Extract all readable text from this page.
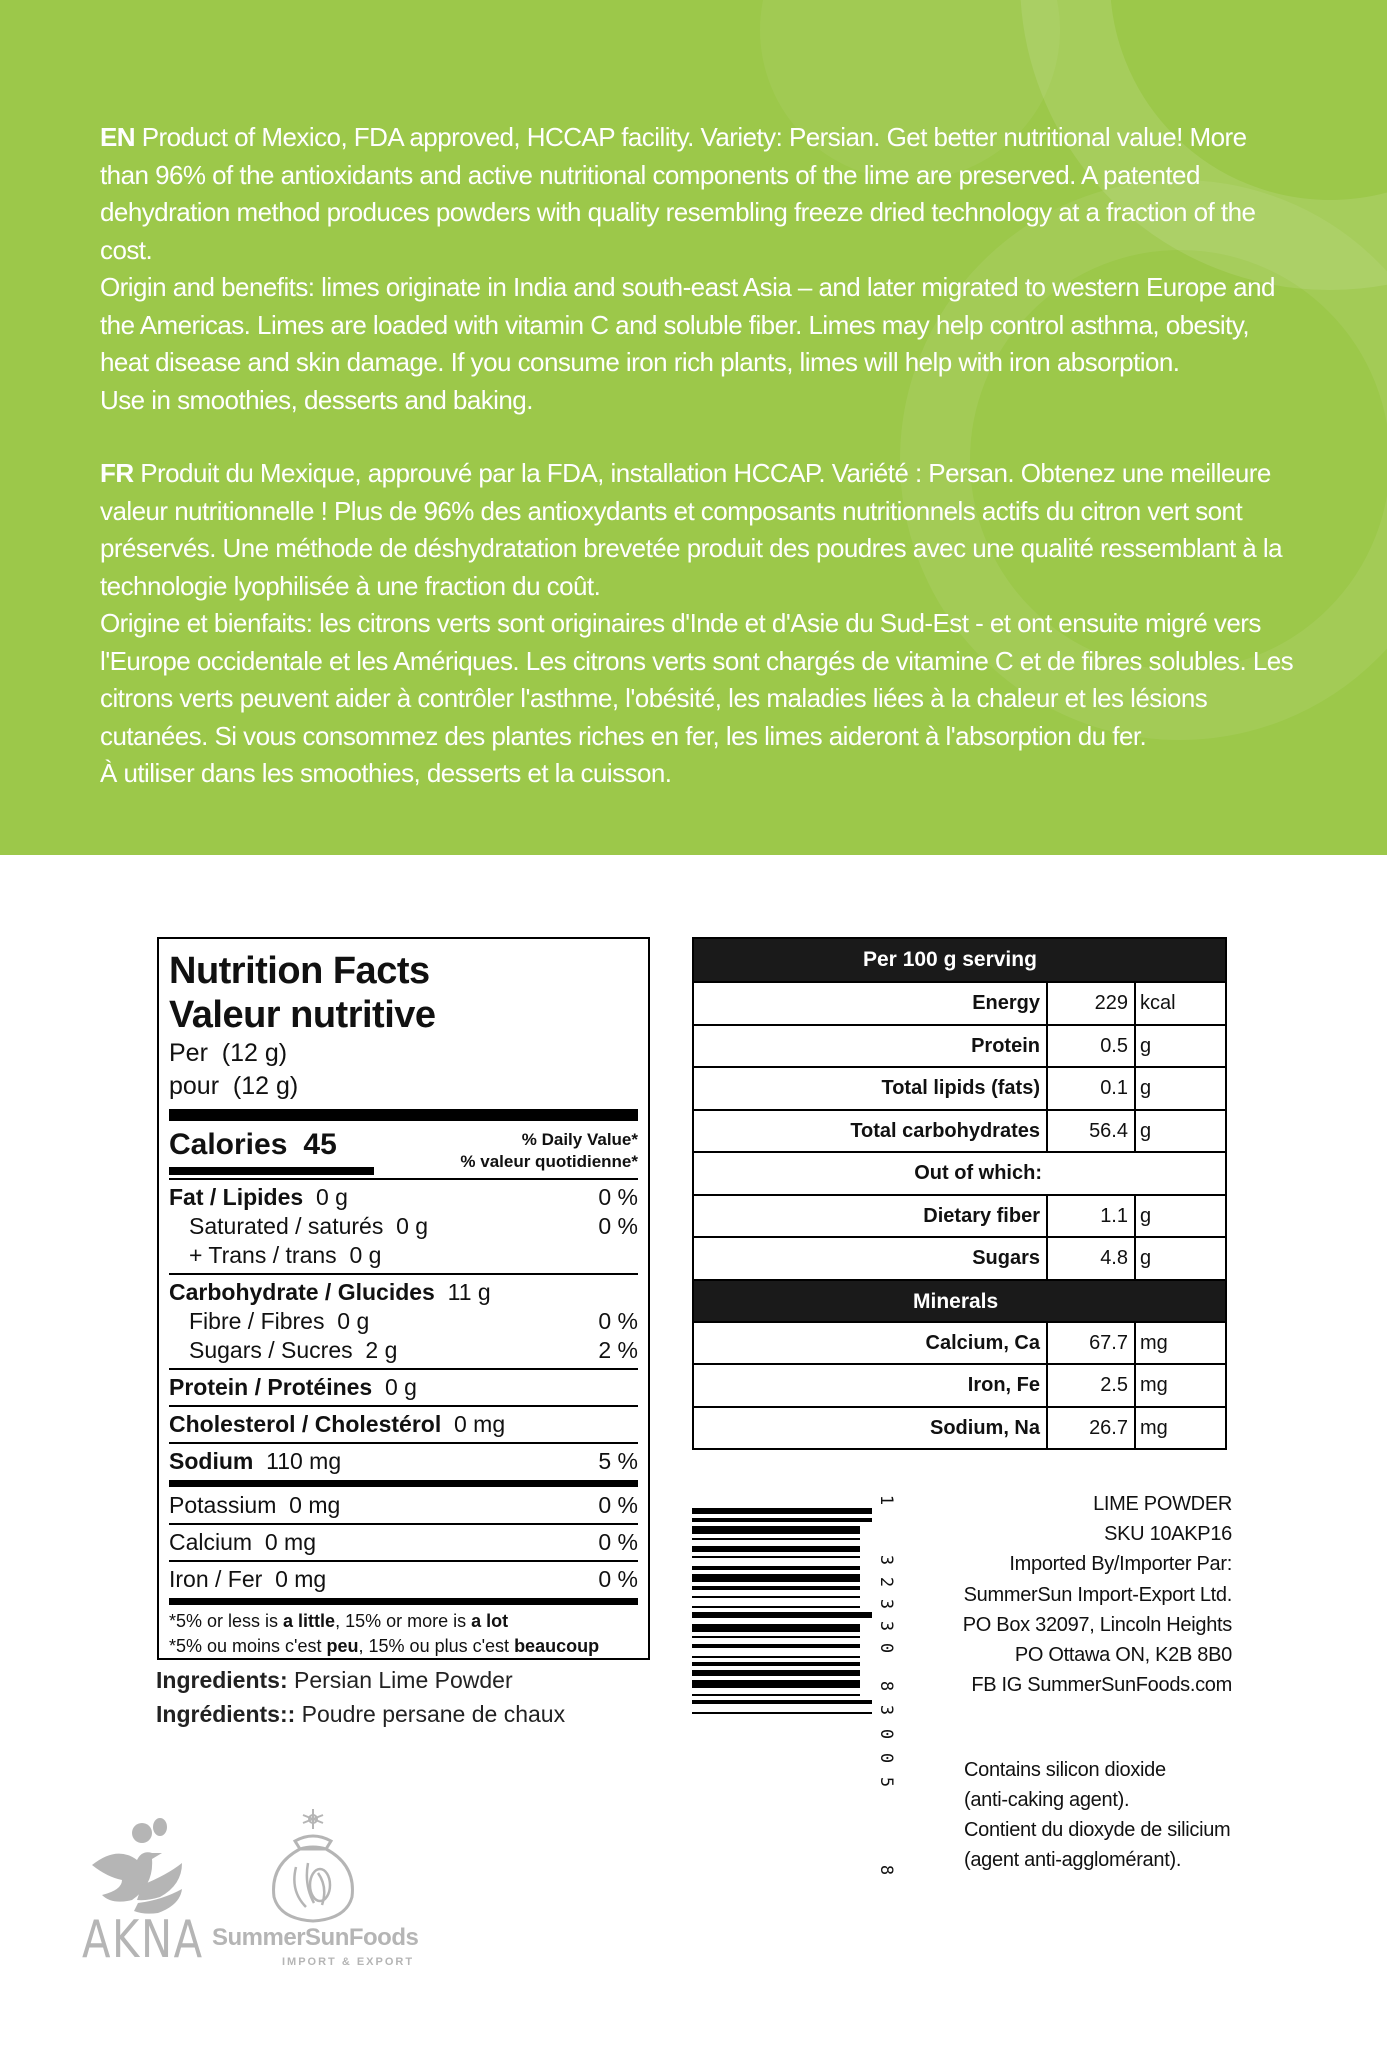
EN Product of Mexico, FDA approved, HCCAP facility. Variety: Persian. Get better nutritional value! More than 96% of the antioxidants and active nutritional components of the lime are preserved. A patented dehydration method produces powders with quality resembling freeze dried technology at a fraction of the cost.

Origin and benefits: limes originate in India and south-east Asia – and later migrated to western Europe and the Americas. Limes are loaded with vitamin C and soluble fiber. Limes may help control asthma, obesity, heat disease and skin damage. If you consume iron rich plants, limes will help with iron absorption.

Use in smoothies, desserts and baking.

FR Produit du Mexique, approuvé par la FDA, installation HCCAP. Variété : Persan. Obtenez une meilleure valeur nutritionnelle ! Plus de 96% des antioxydants et composants nutritionnels actifs du citron vert sont préservés. Une méthode de déshydratation brevetée produit des poudres avec une qualité ressemblant à la technologie lyophilisée à une fraction du coût.

Origine et bienfaits: les citrons verts sont originaires d'Inde et d'Asie du Sud-Est - et ont ensuite migré vers l'Europe occidentale et les Amériques. Les citrons verts sont chargés de vitamine C et de fibres solubles. Les citrons verts peuvent aider à contrôler l'asthme, l'obésité, les maladies liées à la chaleur et les lésions cutanées. Si vous consommez des plantes riches en fer, les limes aideront à l'absorption du fer.

À utiliser dans les smoothies, desserts et la cuisson.

Nutrition Facts
Valeur nutritive
Per  (12 g)
pour  (12 g)
Calories 45	% Daily Value*
% valeur quotidienne*
Fat / Lipides 0 g	0 %
Saturated / saturés 0 g	0 %
+ Trans / trans 0 g
Carbohydrate / Glucides 11 g
Fibre / Fibres 0 g	0 %
Sugars / Sucres 2 g	2 %
Protein / Protéines 0 g
Cholesterol / Cholestérol 0 mg
Sodium 110 mg	5 %
Potassium 0 mg	0 %
Calcium 0 mg	0 %
Iron / Fer 0 mg	0 %
*5% or less is a little, 15% or more is a lot
*5% ou moins c'est peu, 15% ou plus c'est beaucoup
Ingredients: Persian Lime Powder
Ingrédients:: Poudre persane de chaux
Per 100 g serving
Energy	229 kcal
Protein	0.5 g
Total lipids (fats)	0.1 g
Total carbohydrates	56.4 g
Out of which:
Dietary fiber	1.1 g
Sugars	4.8 g
Minerals
Calcium, Ca	67.7 mg
Iron, Fe	2.5 mg
Sodium, Na	26.7 mg
1
3
2
3
3
0
8
3
0
0
5
8
LIME POWDER
SKU 10AKP16
Imported By/Importer Par:
SummerSun Import-Export Ltd.
PO Box 32097, Lincoln Heights
PO Ottawa ON, K2B 8B0
FB IG SummerSunFoods.com
Contains silicon dioxide
(anti-caking agent).
Contient du dioxyde de silicium
(agent anti-agglomérant).
AKNA SummerSunFoods
IMPORT & EXPORT
